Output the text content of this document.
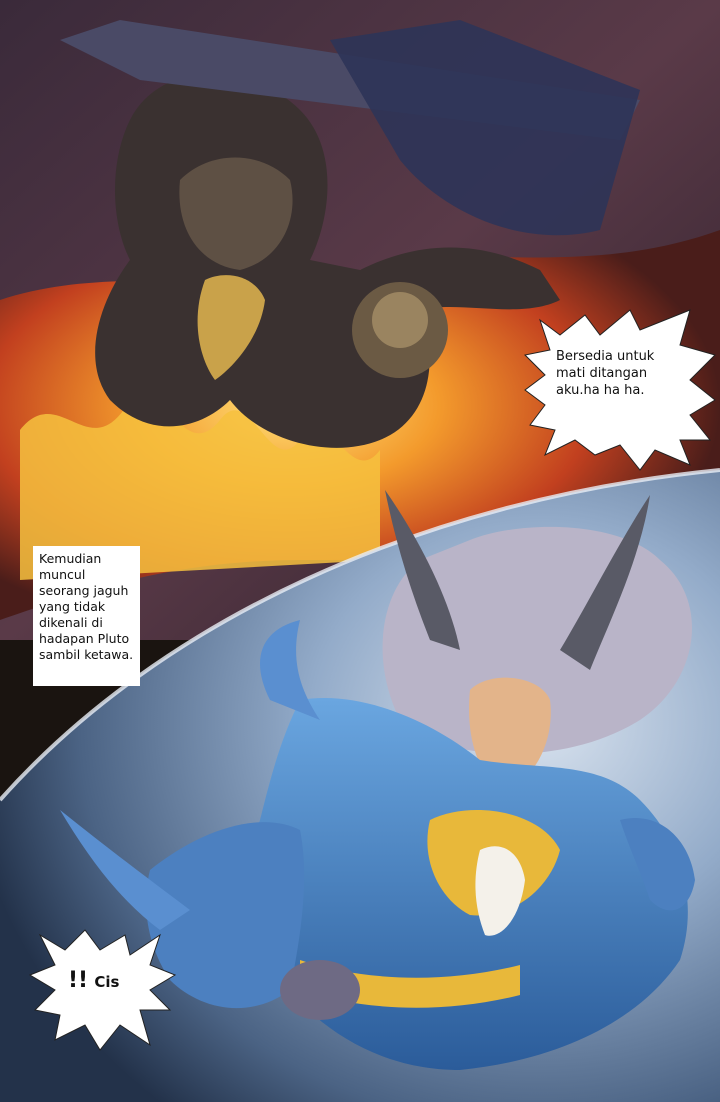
Bersedia untuk mati ditangan aku.ha ha ha.
Kemudian muncul seorang jaguh yang tidak dikenali di hadapan Pluto sambil ketawa.
!! Cis
